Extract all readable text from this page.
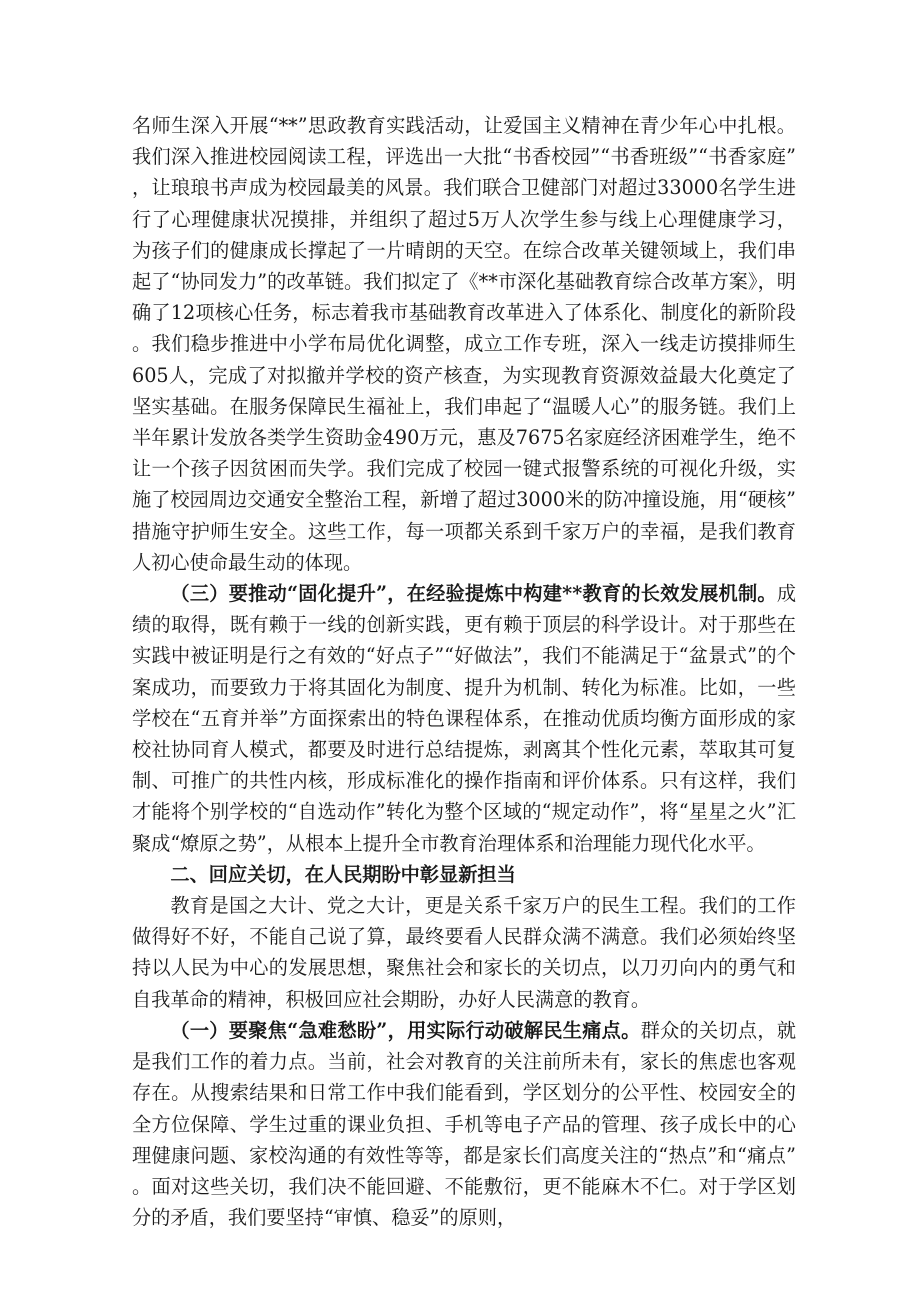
名师生深入开展“**”思政教育实践活动，让爱国主义精神在青少年心中扎根。我们深入推进校园阅读工程，评选出一大批“书香校园”“书香班级”“书香家庭”，让琅琅书声成为校园最美的风景。我们联合卫健部门对超过33000名学生进行了心理健康状况摸排，并组织了超过5万人次学生参与线上心理健康学习，为孩子们的健康成长撑起了一片晴朗的天空。在综合改革关键领域上，我们串起了“协同发力”的改革链。我们拟定了《**市深化基础教育综合改革方案》，明确了12项核心任务，标志着我市基础教育改革进入了体系化、制度化的新阶段。我们稳步推进中小学布局优化调整，成立工作专班，深入一线走访摸排师生605人，完成了对拟撤并学校的资产核查，为实现教育资源效益最大化奠定了坚实基础。在服务保障民生福祉上，我们串起了“温暖人心”的服务链。我们上半年累计发放各类学生资助金490万元，惠及7675名家庭经济困难学生，绝不让一个孩子因贫困而失学。我们完成了校园一键式报警系统的可视化升级，实施了校园周边交通安全整治工程，新增了超过3000米的防冲撞设施，用“硬核”措施守护师生安全。这些工作，每一项都关系到千家万户的幸福，是我们教育人初心使命最生动的体现。

（三）要推动“固化提升”，在经验提炼中构建**教育的长效发展机制。成绩的取得，既有赖于一线的创新实践，更有赖于顶层的科学设计。对于那些在实践中被证明是行之有效的“好点子”“好做法”，我们不能满足于“盆景式”的个案成功，而要致力于将其固化为制度、提升为机制、转化为标准。比如，一些学校在“五育并举”方面探索出的特色课程体系，在推动优质均衡方面形成的家校社协同育人模式，都要及时进行总结提炼，剥离其个性化元素，萃取其可复制、可推广的共性内核，形成标准化的操作指南和评价体系。只有这样，我们才能将个别学校的“自选动作”转化为整个区域的“规定动作”，将“星星之火”汇聚成“燎原之势”，从根本上提升全市教育治理体系和治理能力现代化水平。

二、回应关切，在人民期盼中彰显新担当

教育是国之大计、党之大计，更是关系千家万户的民生工程。我们的工作做得好不好，不能自己说了算，最终要看人民群众满不满意。我们必须始终坚持以人民为中心的发展思想，聚焦社会和家长的关切点，以刀刃向内的勇气和自我革命的精神，积极回应社会期盼，办好人民满意的教育。

（一）要聚焦“急难愁盼”，用实际行动破解民生痛点。群众的关切点，就是我们工作的着力点。当前，社会对教育的关注前所未有，家长的焦虑也客观存在。从搜索结果和日常工作中我们能看到，学区划分的公平性、校园安全的全方位保障、学生过重的课业负担、手机等电子产品的管理、孩子成长中的心理健康问题、家校沟通的有效性等等，都是家长们高度关注的“热点”和“痛点”。面对这些关切，我们决不能回避、不能敷衍，更不能麻木不仁。对于学区划分的矛盾，我们要坚持“审慎、稳妥”的原则，
